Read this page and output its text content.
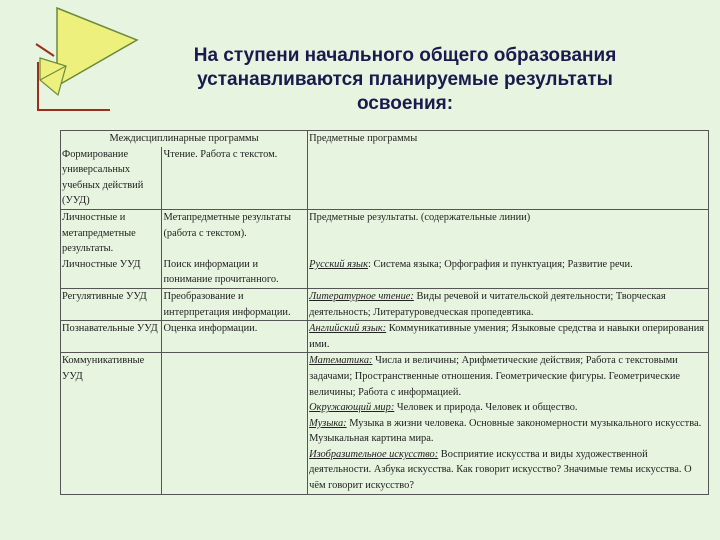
На ступени начального общего образования
устанавливаются планируемые результаты
освоения:
Междисциплинарные программы		Предметные программы
Формирование универсальных учебных действий (УУД)	Чтение. Работа с текстом.	
Личностные и метапредметные результаты.	Метапредметные результаты (работа с текстом).	Предметные результаты. (содержательные линии)
Личностные УУД	Поиск информации и понимание прочитанного.	Русский язык: Система языка; Орфография и пунктуация; Развитие речи.
Регулятивные УУД	Преобразование и интерпретация информации.	Литературное чтение: Виды речевой и читательской деятельности; Творческая деятельность; Литературоведческая пропедевтика.
Познавательные УУД	Оценка информации.	Английский язык: Коммуникативные умения; Языковые средства и навыки оперирования ими.
Коммуникативные УУД		Математика: Числа и величины; Арифметические действия; Работа с текстовыми задачами; Пространственные отношения. Геометрические фигуры. Геометрические величины; Работа с информацией.
		Окружающий мир: Человек и природа. Человек и общество.
		Музыка: Музыка в жизни человека. Основные закономерности музыкального искусства. Музыкальная картина мира.
		Изобразительное искусство: Восприятие искусства и виды художественной деятельности. Азбука искусства. Как говорит искусство? Значимые темы искусства. О чём говорит искусство?
